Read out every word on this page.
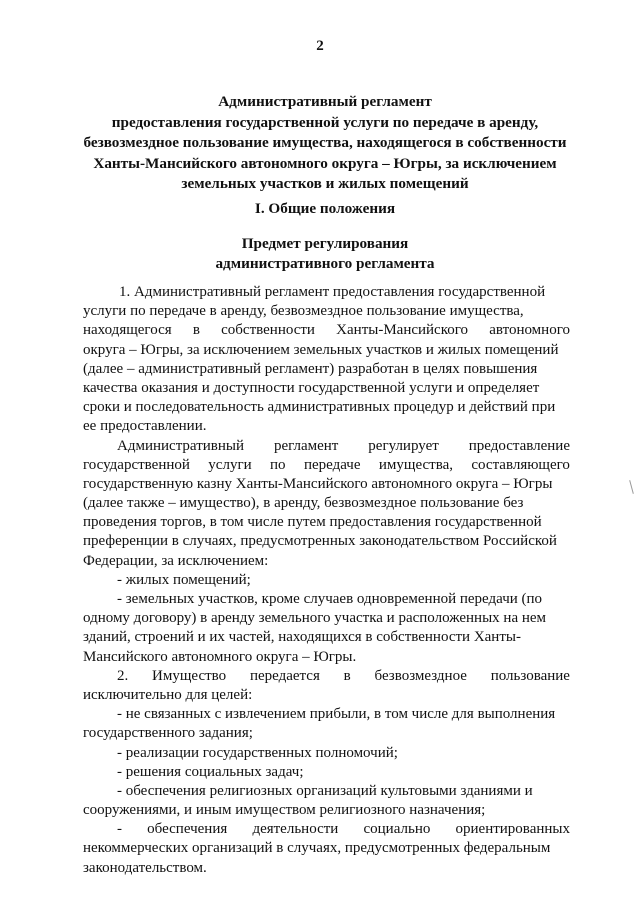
2
Административный регламент
предоставления государственной услуги по передаче в аренду,
безвозмездное пользование имущества, находящегося в собственности
Ханты-Мансийского автономного округа – Югры, за исключением
земельных участков и жилых помещений
I. Общие положения
Предмет регулирования
административного регламента
1. Административный регламент предоставления государственной
услуги по передаче в аренду, безвозмездное пользование имущества,
находящегося в собственности Ханты-Мансийского автономного
округа – Югры, за исключением земельных участков и жилых помещений
(далее – административный регламент) разработан в целях повышения
качества оказания и доступности государственной услуги и определяет
сроки и последовательность административных процедур и действий при
ее предоставлении.
Административный регламент регулирует предоставление
государственной услуги по передаче имущества, составляющего
государственную казну Ханты-Мансийского автономного округа – Югры
(далее также – имущество), в аренду, безвозмездное пользование без
проведения торгов, в том числе путем предоставления государственной
преференции в случаях, предусмотренных законодательством Российской
Федерации, за исключением:
- жилых помещений;
- земельных участков, кроме случаев одновременной передачи (по
одному договору) в аренду земельного участка и расположенных на нем
зданий, строений и их частей, находящихся в собственности Ханты-
Мансийского автономного округа – Югры.
2. Имущество передается в безвозмездное пользование
исключительно для целей:
- не связанных с извлечением прибыли, в том числе для выполнения
государственного задания;
- реализации государственных полномочий;
- решения социальных задач;
- обеспечения религиозных организаций культовыми зданиями и
сооружениями, и иным имуществом религиозного назначения;
- обеспечения деятельности социально ориентированных
некоммерческих организаций в случаях, предусмотренных федеральным
законодательством.
